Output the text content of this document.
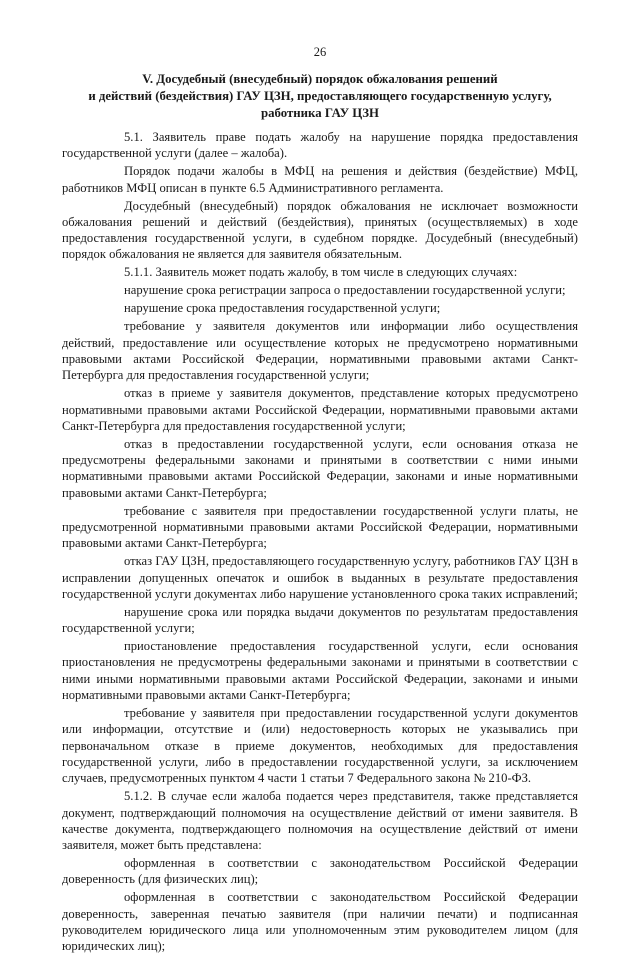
26
V. Досудебный (внесудебный) порядок обжалования решений
и действий (бездействия) ГАУ ЦЗН, предоставляющего государственную услугу,
работника ГАУ ЦЗН

5.1. Заявитель праве подать жалобу на нарушение порядка предоставления государственной услуги (далее – жалоба).

Порядок подачи жалобы в МФЦ на решения и действия (бездействие) МФЦ, работников МФЦ описан в пункте 6.5 Административного регламента.

Досудебный (внесудебный) порядок обжалования не исключает возможности обжалования решений и действий (бездействия), принятых (осуществляемых) в ходе предоставления государственной услуги, в судебном порядке. Досудебный (внесудебный) порядок обжалования не является для заявителя обязательным.

5.1.1. Заявитель может подать жалобу, в том числе в следующих случаях:

нарушение срока регистрации запроса о предоставлении государственной услуги;

нарушение срока предоставления государственной услуги;

требование у заявителя документов или информации либо осуществления действий, предоставление или осуществление которых не предусмотрено нормативными правовыми актами Российской Федерации, нормативными правовыми актами Санкт-Петербурга для предоставления государственной услуги;

отказ в приеме у заявителя документов, представление которых предусмотрено нормативными правовыми актами Российской Федерации, нормативными правовыми актами Санкт-Петербурга для предоставления государственной услуги;

отказ в предоставлении государственной услуги, если основания отказа не предусмотрены федеральными законами и принятыми в соответствии с ними иными нормативными правовыми актами Российской Федерации, законами и иные нормативными правовыми актами Санкт-Петербурга;

требование с заявителя при предоставлении государственной услуги платы, не предусмотренной нормативными правовыми актами Российской Федерации, нормативными правовыми актами Санкт-Петербурга;

отказ ГАУ ЦЗН, предоставляющего государственную услугу, работников ГАУ ЦЗН в исправлении допущенных опечаток и ошибок в выданных в результате предоставления государственной услуги документах либо нарушение установленного срока таких исправлений;

нарушение срока или порядка выдачи документов по результатам предоставления государственной услуги;

приостановление предоставления государственной услуги, если основания приостановления не предусмотрены федеральными законами и принятыми в соответствии с ними иными нормативными правовыми актами Российской Федерации, законами и иными нормативными правовыми актами Санкт-Петербурга;

требование у заявителя при предоставлении государственной услуги документов или информации, отсутствие и (или) недостоверность которых не указывались при первоначальном отказе в приеме документов, необходимых для предоставления государственной услуги, либо в предоставлении государственной услуги, за исключением случаев, предусмотренных пунктом 4 части 1 статьи 7 Федерального закона № 210-ФЗ.

5.1.2. В случае если жалоба подается через представителя, также представляется документ, подтверждающий полномочия на осуществление действий от имени заявителя. В качестве документа, подтверждающего полномочия на осуществление действий от имени заявителя, может быть представлена:

оформленная в соответствии с законодательством Российской Федерации доверенность (для физических лиц);

оформленная в соответствии с законодательством Российской Федерации доверенность, заверенная печатью заявителя (при наличии печати) и подписанная руководителем юридического лица или уполномоченным этим руководителем лицом (для юридических лиц);
